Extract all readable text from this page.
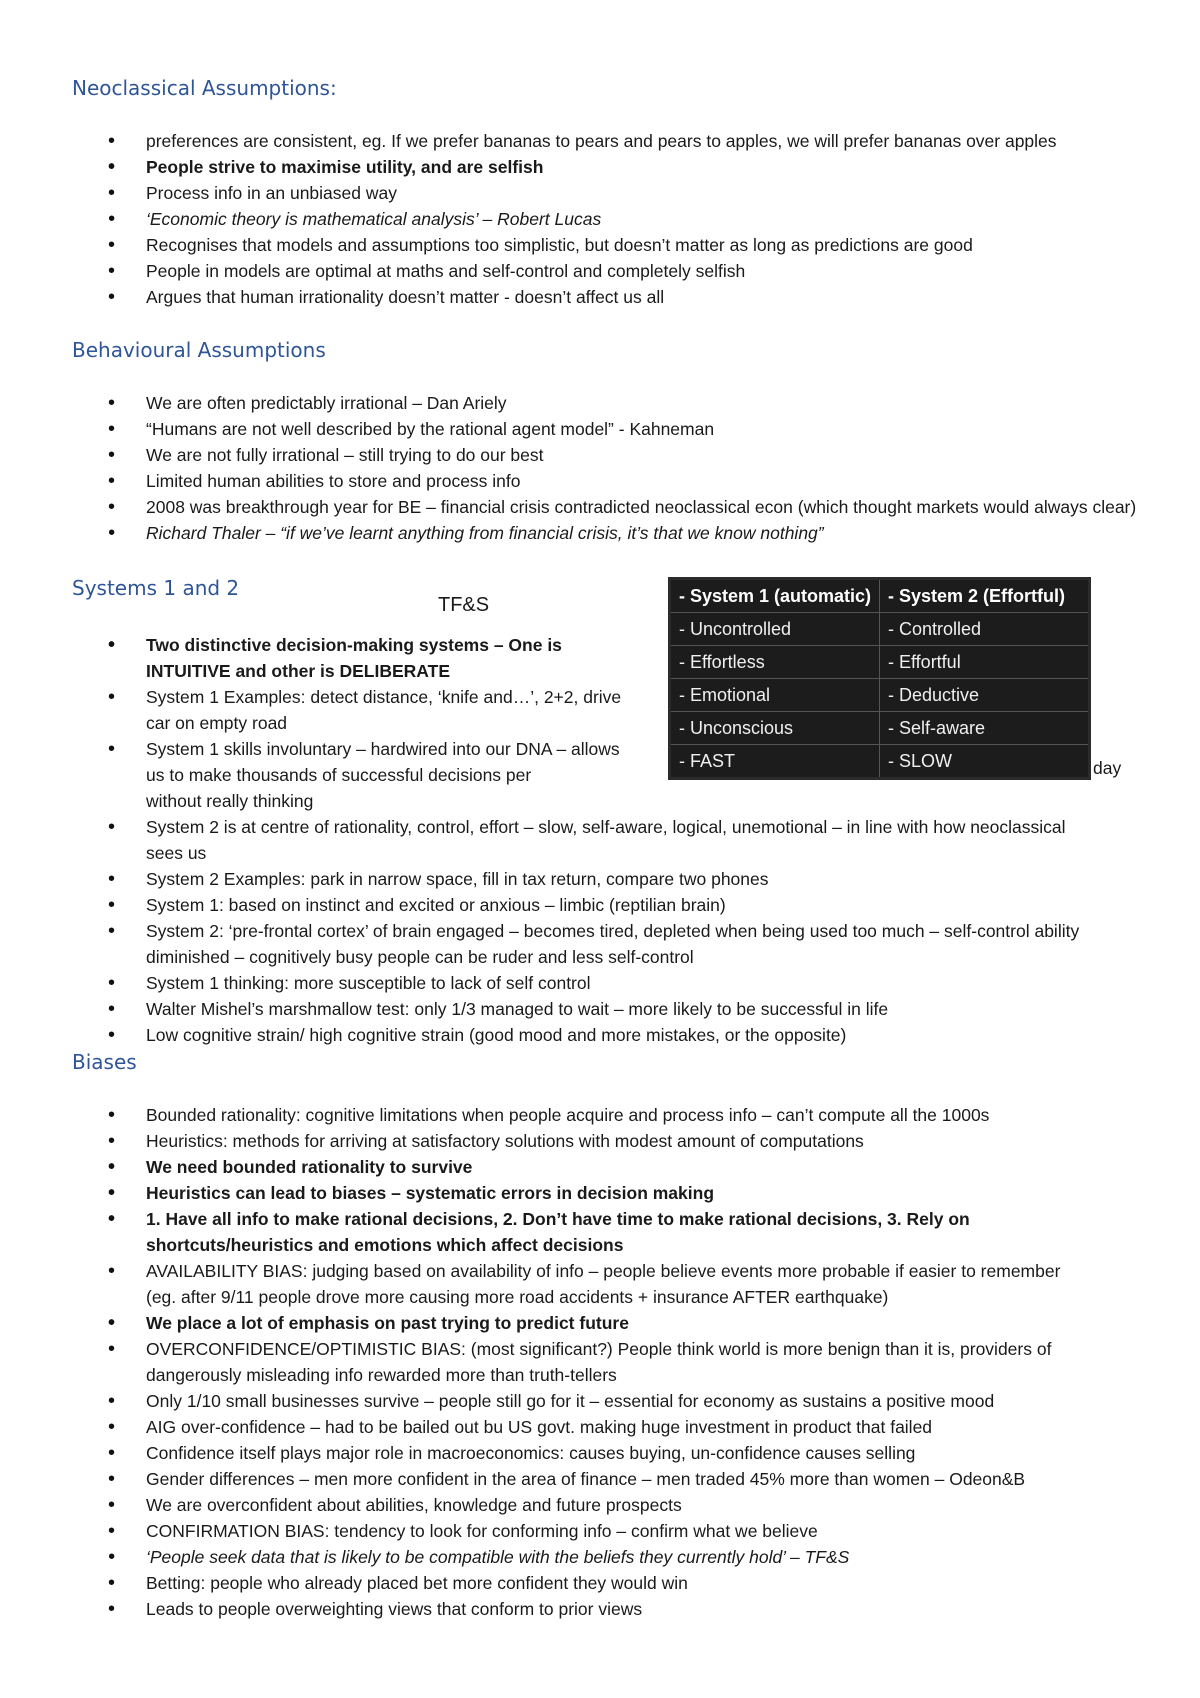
Neoclassical Assumptions:
• preferences are consistent, eg. If we prefer bananas to pears and pears to apples, we will prefer bananas over apples
• People strive to maximise utility, and are selfish
• Process info in an unbiased way
• ‘Economic theory is mathematical analysis’ – Robert Lucas
• Recognises that models and assumptions too simplistic, but doesn’t matter as long as predictions are good
• People in models are optimal at maths and self-control and completely selfish
• Argues that human irrationality doesn’t matter - doesn’t affect us all
Behavioural Assumptions
• We are often predictably irrational – Dan Ariely
• “Humans are not well described by the rational agent model” - Kahneman
• We are not fully irrational – still trying to do our best
• Limited human abilities to store and process info
• 2008 was breakthrough year for BE – financial crisis contradicted neoclassical econ (which thought markets would always clear)
• Richard Thaler – “if we’ve learnt anything from financial crisis, it’s that we know nothing”
Systems 1 and 2
TF&S	- System 1 (automatic)	- System 2 (Effortful)
- Uncontrolled	- Controlled
- Effortless	- Effortful
- Emotional	- Deductive
- Unconscious	- Self-aware
- FAST	- SLOW	day
• Two distinctive decision-making systems – One is INTUITIVE and other is DELIBERATE
• System 1 Examples: detect distance, ‘knife and…’, 2+2, drive car on empty road
• System 1 skills involuntary – hardwired into our DNA – allows us to make thousands of successful decisions per
without really thinking
• System 2 is at centre of rationality, control, effort – slow, self-aware, logical, unemotional – in line with how neoclassical sees us
• System 2 Examples: park in narrow space, fill in tax return, compare two phones
• System 1: based on instinct and excited or anxious – limbic (reptilian brain)
• System 2: ‘pre-frontal cortex’ of brain engaged – becomes tired, depleted when being used too much – self-control ability diminished – cognitively busy people can be ruder and less self-control
• System 1 thinking: more susceptible to lack of self control
• Walter Mishel’s marshmallow test: only 1/3 managed to wait – more likely to be successful in life
• Low cognitive strain/ high cognitive strain (good mood and more mistakes, or the opposite)
Biases
• Bounded rationality: cognitive limitations when people acquire and process info – can’t compute all the 1000s
• Heuristics: methods for arriving at satisfactory solutions with modest amount of computations
• We need bounded rationality to survive
• Heuristics can lead to biases – systematic errors in decision making
• 1. Have all info to make rational decisions, 2. Don’t have time to make rational decisions, 3. Rely on shortcuts/heuristics and emotions which affect decisions
• AVAILABILITY BIAS: judging based on availability of info – people believe events more probable if easier to remember (eg. after 9/11 people drove more causing more road accidents + insurance AFTER earthquake)
• We place a lot of emphasis on past trying to predict future
• OVERCONFIDENCE/OPTIMISTIC BIAS: (most significant?) People think world is more benign than it is, providers of dangerously misleading info rewarded more than truth-tellers
• Only 1/10 small businesses survive – people still go for it – essential for economy as sustains a positive mood
• AIG over-confidence – had to be bailed out bu US govt. making huge investment in product that failed
• Confidence itself plays major role in macroeconomics: causes buying, un-confidence causes selling
• Gender differences – men more confident in the area of finance – men traded 45% more than women – Odeon&B
• We are overconfident about abilities, knowledge and future prospects
• CONFIRMATION BIAS: tendency to look for conforming info – confirm what we believe
• ‘People seek data that is likely to be compatible with the beliefs they currently hold’ – TF&S
• Betting: people who already placed bet more confident they would win
• Leads to people overweighting views that conform to prior views
